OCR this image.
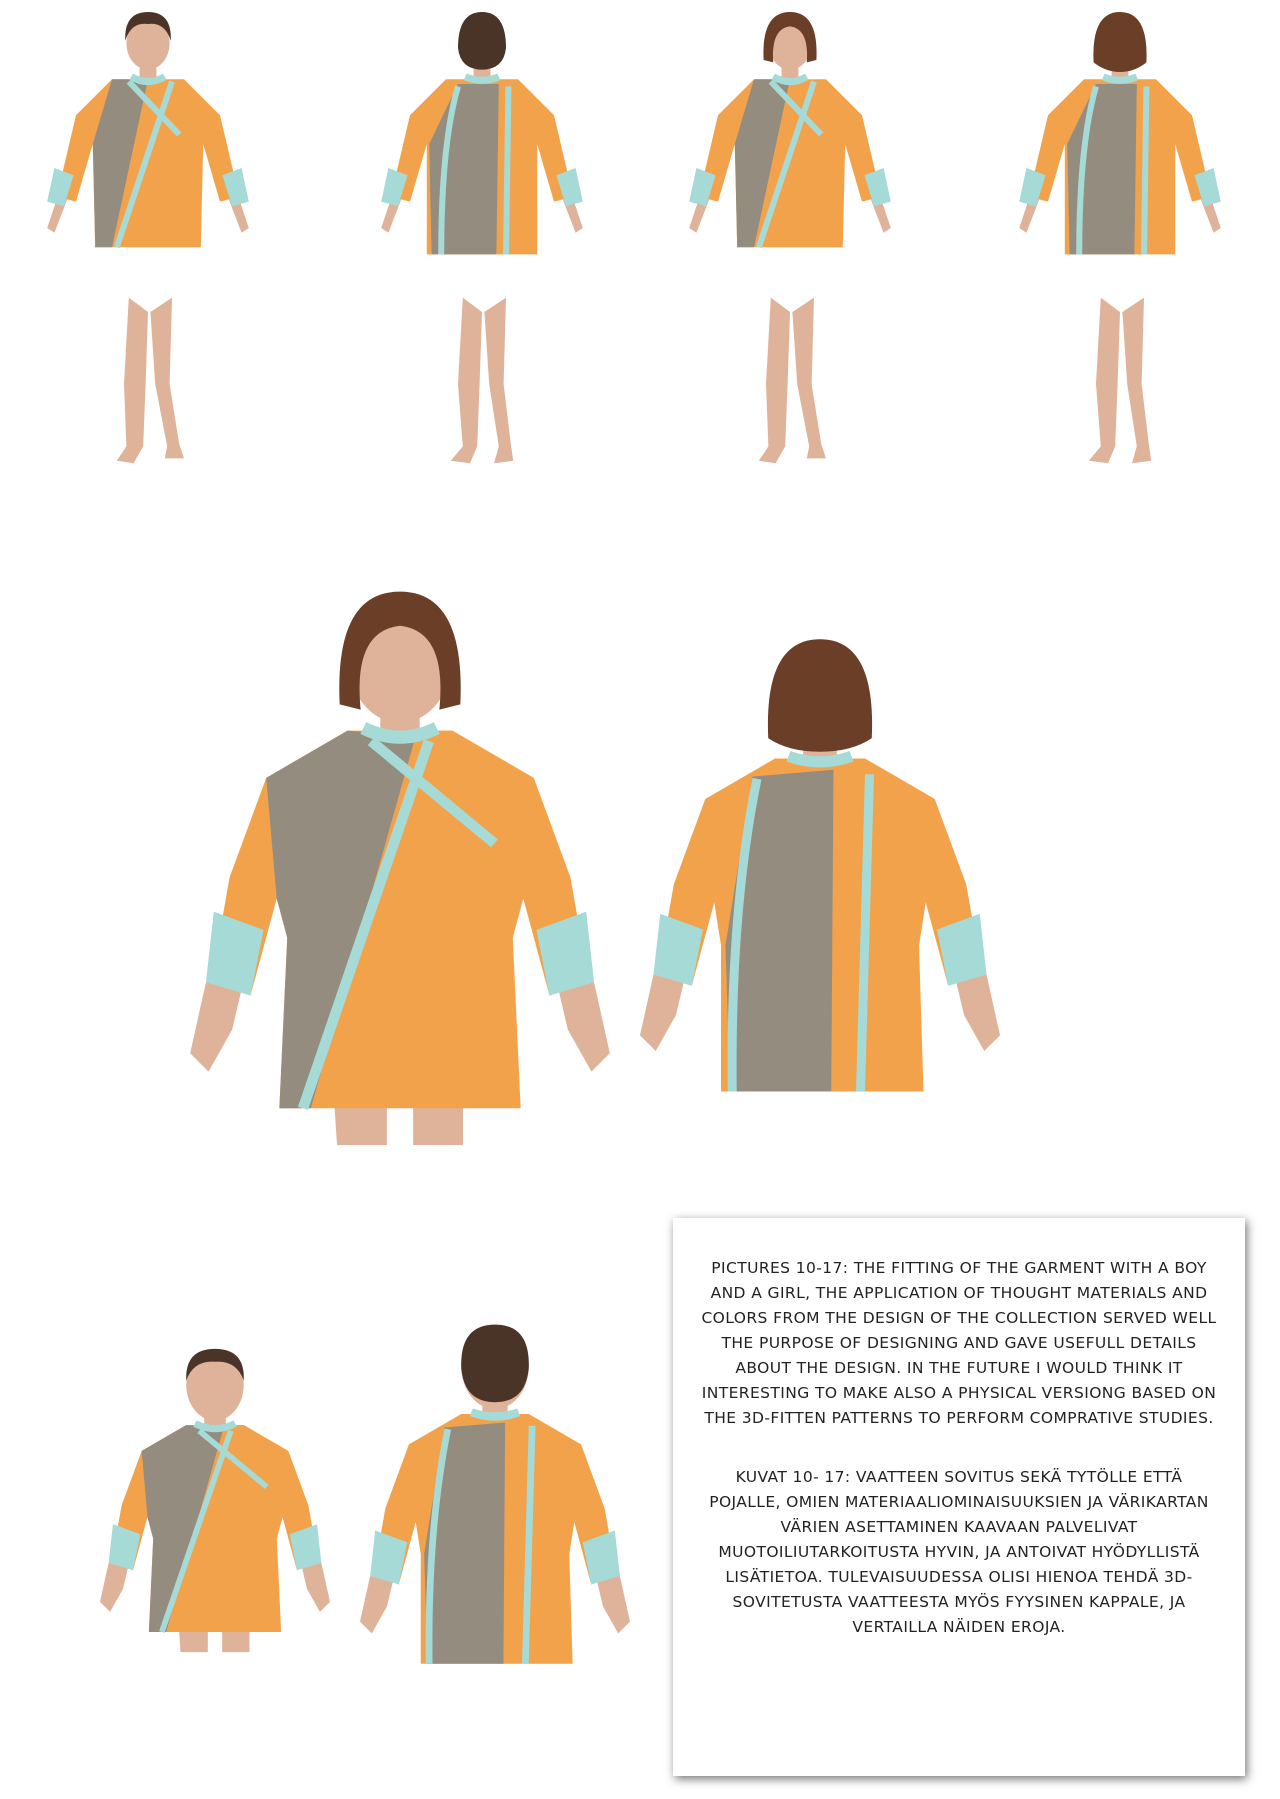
PICTURES 10-17: THE FITTING OF THE GARMENT WITH A BOY AND A GIRL, THE APPLICATION OF THOUGHT MATERIALS AND COLORS FROM THE DESIGN OF THE COLLECTION SERVED WELL THE PURPOSE OF DESIGNING AND GAVE USEFULL DETAILS ABOUT THE DESIGN. IN THE FUTURE I WOULD THINK IT INTERESTING TO MAKE ALSO A PHYSICAL VERSIONG BASED ON THE 3D-FITTEN PATTERNS TO PERFORM COMPRATIVE STUDIES.

KUVAT 10- 17: VAATTEEN SOVITUS SEKÄ TYTÖLLE ETTÄ POJALLE, OMIEN MATERIAALIOMINAISUUKSIEN JA VÄRIKARTAN VÄRIEN ASETTAMINEN KAAVAAN PALVELIVAT MUOTOILIUTARKOITUSTA HYVIN, JA ANTOIVAT HYÖDYLLISTÄ LISÄTIETOA. TULEVAISUUDESSA OLISI HIENOA TEHDÄ 3D-SOVITETUSTA VAATTEESTA MYÖS FYYSINEN KAPPALE, JA VERTAILLA NÄIDEN EROJA.
